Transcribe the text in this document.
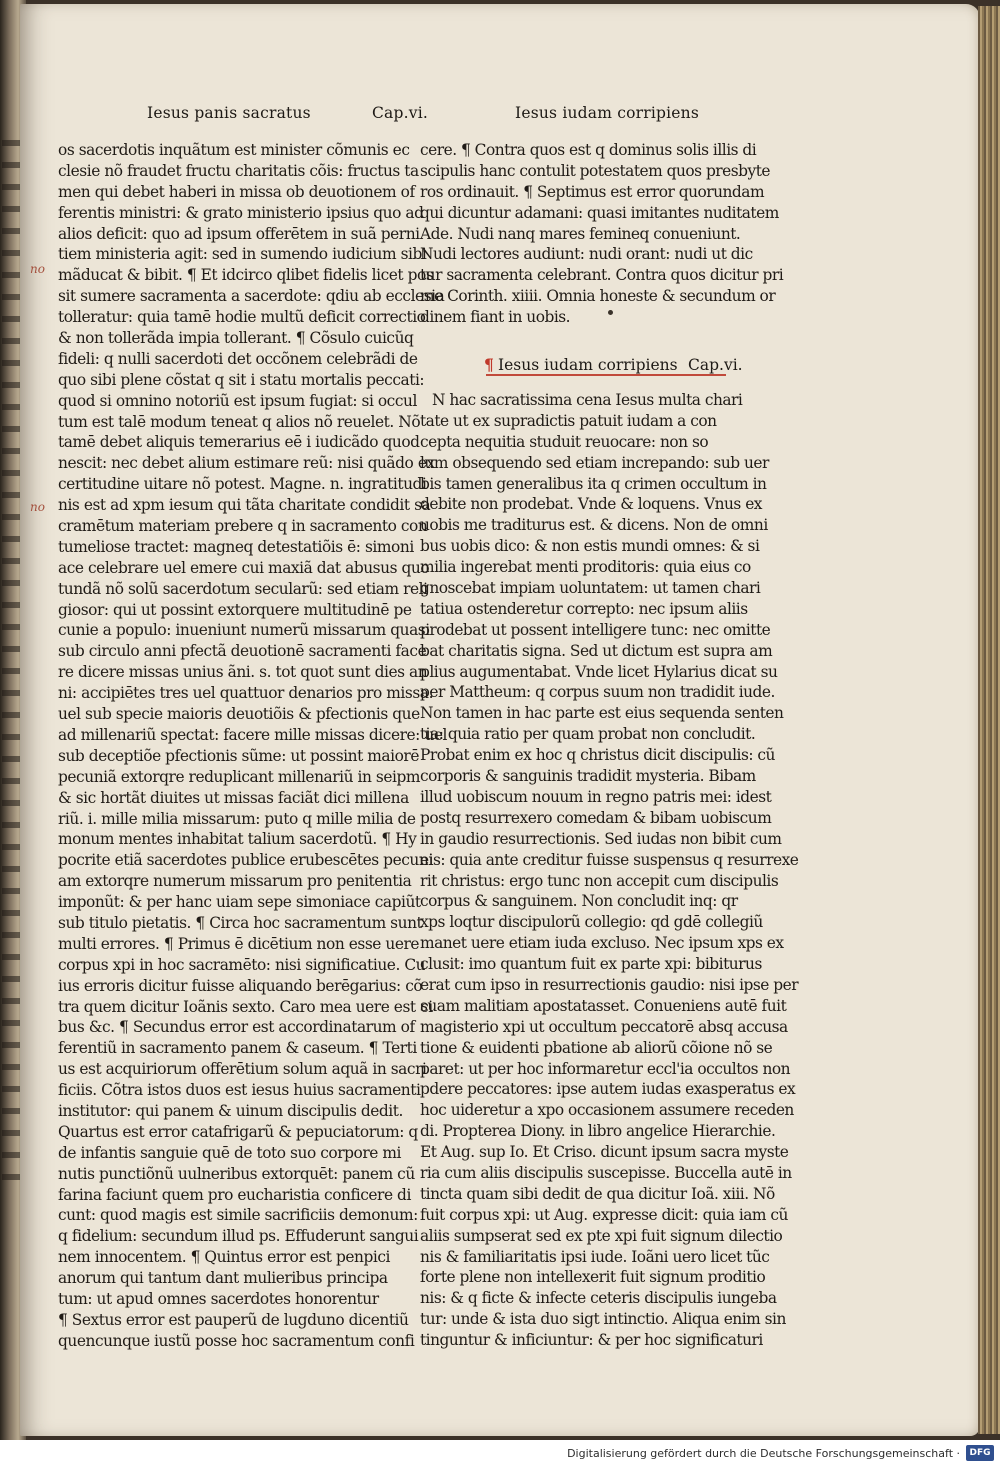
Iesus panis sacratus	Cap.vi.	Iesus iudam corripiens
no
no
os sacerdotis inquãtum est minister cõmunis ec
clesie nõ fraudet fructu charitatis cõis: fructus ta
men qui debet haberi in missa ob deuotionem of
ferentis ministri: & grato ministerio ipsius quo ad
alios deficit: quo ad ipsum offerētem in suã perni
tiem ministeria agit: sed in sumendo iudicium sibi
mãducat & bibit. ¶ Et idcirco qlibet fidelis licet pos
sit sumere sacramenta a sacerdote: qdiu ab ecclesia
tolleratur: quia tamē hodie multũ deficit correctio
& non tollerãda impia tollerant. ¶ Cõsulo cuicũq
fideli: q nulli sacerdoti det occõnem celebrãdi de
quo sibi plene cõstat q sit i statu mortalis peccati:
quod si omnino notoriũ est ipsum fugiat: si occul
tum est talē modum teneat q alios nõ reuelet. Nõ
tamē debet aliquis temerarius eē i iudicãdo quod
nescit: nec debet alium estimare reũ: nisi quãdo ex
certitudine uitare nõ potest. Magne. n. ingratitudi
nis est ad xpm iesum qui tãta charitate condidit sa
cramētum materiam prebere q in sacramento con
tumeliose tractet: magneq detestatiõis ē: simoni
ace celebrare uel emere cui maxiã dat abusus quo
tundã nõ solũ sacerdotum secularũ: sed etiam reli
giosor: qui ut possint extorquere multitudinē pe
cunie a populo: inueniunt numerũ missarum quasi
sub circulo anni pfectã deuotionē sacramenti face
re dicere missas unius ãni. s. tot quot sunt dies an
ni: accipiētes tres uel quattuor denarios pro missa:
uel sub specie maioris deuotiõis & pfectionis que
ad millenariũ spectat: facere mille missas dicere: uel
sub deceptiõe pfectionis sũme: ut possint maiorē
pecuniã extorqre reduplicant millenariũ in seipm
& sic hortãt diuites ut missas faciãt dici millena
riũ. i. mille milia missarum: puto q mille milia de
monum mentes inhabitat talium sacerdotũ. ¶ Hy
pocrite etiã sacerdotes publice erubescētes pecuni
am extorqre numerum missarum pro penitentia
imponũt: & per hanc uiam sepe simoniace capiũt
sub titulo pietatis. ¶ Circa hoc sacramentum sunt
multi errores. ¶ Primus ē dicētium non esse uere
corpus xpi in hoc sacramēto: nisi significatiue. Cu
ius erroris dicitur fuisse aliquando berēgarius: cõ
tra quem dicitur Ioãnis sexto. Caro mea uere est ci
bus &c. ¶ Secundus error est accordinatarum of
ferentiũ in sacramento panem & caseum. ¶ Terti
us est acquiriorum offerētium solum aquã in sacri
ficiis. Cõtra istos duos est iesus huius sacramenti
institutor: qui panem & uinum discipulis dedit.
Quartus est error catafrigarũ & pepuciatorum: q
de infantis sanguie quē de toto suo corpore mi
nutis punctiõnũ uulneribus extorquēt: panem cũ
farina faciunt quem pro eucharistia conficere di
cunt: quod magis est simile sacrificiis demonum:
q fidelium: secundum illud ps. Effuderunt sangui
nem innocentem. ¶ Quintus error est penpici
anorum qui tantum dant mulieribus principa
tum: ut apud omnes sacerdotes honorentur
¶ Sextus error est pauperũ de lugduno dicentiũ
quencunque iustũ posse hoc sacramentum confi
cere. ¶ Contra quos est q dominus solis illis di
scipulis hanc contulit potestatem quos presbyte
ros ordinauit. ¶ Septimus est error quorundam
qui dicuntur adamani: quasi imitantes nuditatem
Ade. Nudi nanq mares femineq conueniunt.
Nudi lectores audiunt: nudi orant: nudi ut dic
tur sacramenta celebrant. Contra quos dicitur pri
me Corinth. xiiii. Omnia honeste & secundum or
dinem fiant in uobis.
¶ Iesus iudam corripiens Cap.vi.
N hac sacratissima cena Iesus multa chari
tate ut ex supradictis patuit iudam a con
cepta nequitia studuit reuocare: non so
lum obsequendo sed etiam increpando: sub uer
bis tamen generalibus ita q crimen occultum in
debite non prodebat. Vnde & loquens. Vnus ex
uobis me traditurus est. & dicens. Non de omni
bus uobis dico: & non estis mundi omnes: & si
milia ingerebat menti proditoris: quia eius co
gnoscebat impiam uoluntatem: ut tamen chari
tatiua ostenderetur correpto: nec ipsum aliis
prodebat ut possent intelligere tunc: nec omitte
bat charitatis signa. Sed ut dictum est supra am
plius augumentabat. Vnde licet Hylarius dicat su
per Mattheum: q corpus suum non tradidit iude.
Non tamen in hac parte est eius sequenda senten
tia: quia ratio per quam probat non concludit.
Probat enim ex hoc q christus dicit discipulis: cũ
corporis & sanguinis tradidit mysteria. Bibam
illud uobiscum nouum in regno patris mei: idest
postq resurrexero comedam & bibam uobiscum
in gaudio resurrectionis. Sed iudas non bibit cum
eis: quia ante creditur fuisse suspensus q resurrexe
rit christus: ergo tunc non accepit cum discipulis
corpus & sanguinem. Non concludit inq: qr
xps loqtur discipulorũ collegio: qd gdē collegiũ
manet uere etiam iuda excluso. Nec ipsum xps ex
clusit: imo quantum fuit ex parte xpi: bibiturus
erat cum ipso in resurrectionis gaudio: nisi ipse per
suam malitiam apostatasset. Conueniens autē fuit
magisterio xpi ut occultum peccatorē absq accusa
tione & euidenti pbatione ab aliorũ cõione nõ se
paret: ut per hoc informaretur eccl'ia occultos non
pdere peccatores: ipse autem iudas exasperatus ex
hoc uideretur a xpo occasionem assumere receden
di. Propterea Diony. in libro angelice Hierarchie.
Et Aug. sup Io. Et Criso. dicunt ipsum sacra myste
ria cum aliis discipulis suscepisse. Buccella autē in
tincta quam sibi dedit de qua dicitur Ioã. xiii. Nõ
fuit corpus xpi: ut Aug. expresse dicit: quia iam cũ
aliis sumpserat sed ex pte xpi fuit signum dilectio
nis & familiaritatis ipsi iude. Ioãni uero licet tũc
forte plene non intellexerit fuit signum proditio
nis: & q ficte & infecte ceteris discipulis iungeba
tur: unde & ista duo sigt intinctio. Aliqua enim sin
tinguntur & inficiuntur: & per hoc significaturi
Digitalisierung gefördert durch die Deutsche Forschungsgemeinschaft ·	DFG
